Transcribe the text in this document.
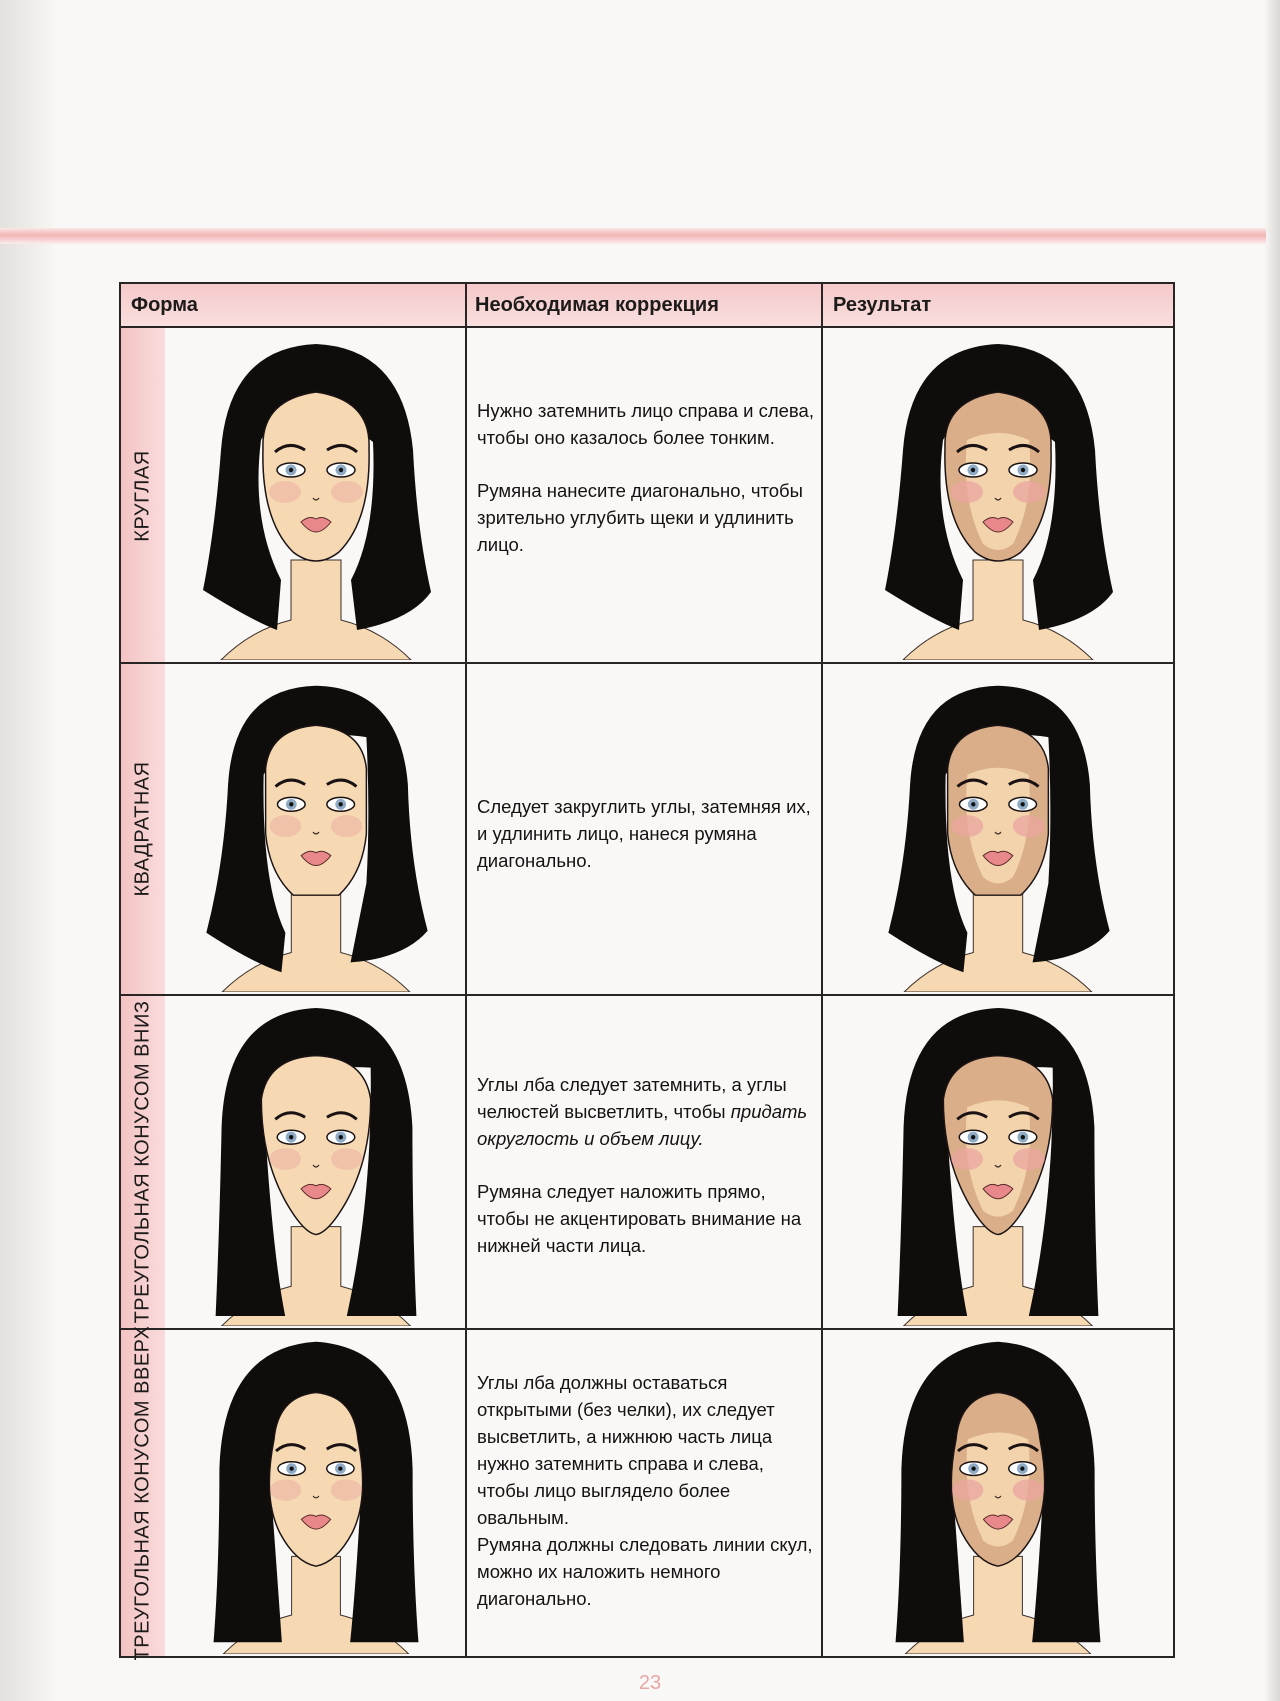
Форма	Необходимая коррекция	Результат
КРУГЛАЯ
КВАДРАТНАЯ
ТРЕУГОЛЬНАЯ КОНУСОМ ВНИЗ
ТРЕУГОЛЬНАЯ КОНУСОМ ВВЕРХ

Нужно затемнить лицо справа и слева, чтобы оно казалось более тонким.

Румяна нанесите диагонально, чтобы зрительно углубить щеки и удлинить лицо.

Следует закруглить углы, затемняя их, и удлинить лицо, нанеся румяна диагонально.

Углы лба следует затемнить, а углы челюстей высветлить, чтобы придать округлость и объем лицу.

Румяна следует наложить прямо, чтобы не акцентировать внимание на нижней части лица.

Углы лба должны оставаться открытыми (без челки), их следует высветлить, а нижнюю часть лица нужно затемнить справа и слева, чтобы лицо выглядело более овальным.

Румяна должны следовать линии скул, можно их наложить немного диагонально.

23
